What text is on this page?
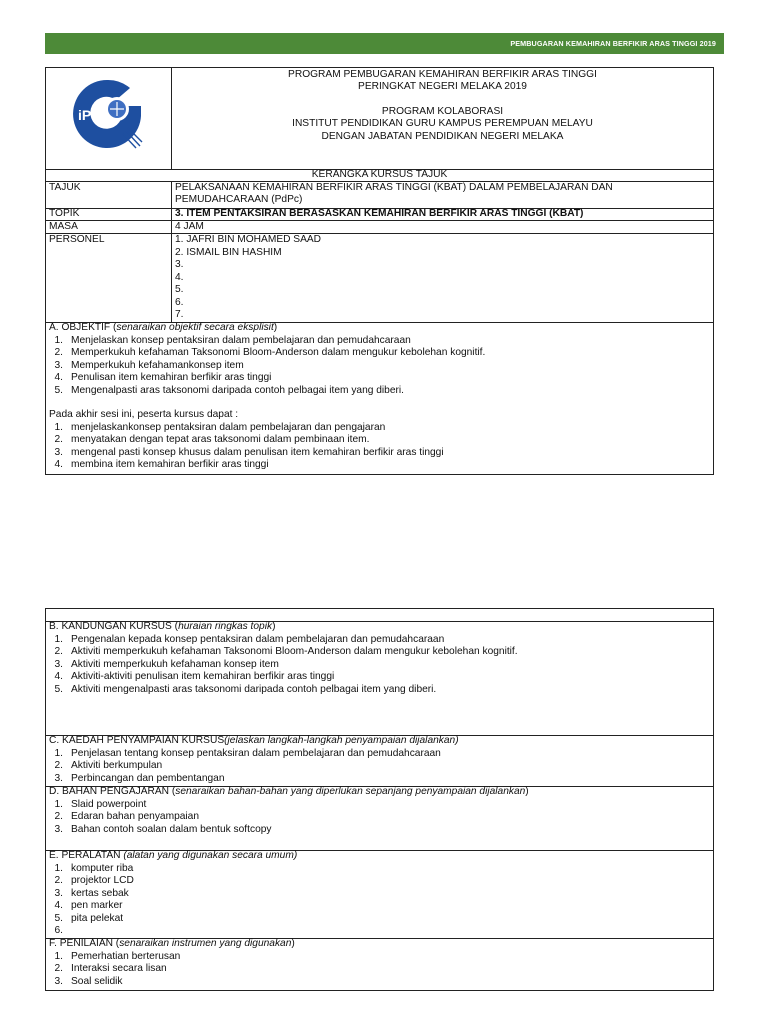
PEMBUGARAN KEMAHIRAN BERFIKIR ARAS TINGGI 2019
iPG
PROGRAM PEMBUGARAN KEMAHIRAN BERFIKIR ARAS TINGGI
PERINGKAT NEGERI MELAKA 2019
PROGRAM KOLABORASI
INSTITUT PENDIDIKAN GURU KAMPUS PEREMPUAN MELAYU
DENGAN JABATAN PENDIDIKAN NEGERI MELAKA
KERANGKA KURSUS TAJUK
TAJUK	PELAKSANAAN KEMAHIRAN BERFIKIR ARAS TINGGI (KBAT) DALAM PEMBELAJARAN DAN
PEMUDAHCARAAN (PdPc)
TOPIK	3. ITEM PENTAKSIRAN BERASASKAN KEMAHIRAN BERFIKIR ARAS TINGGI (KBAT)
MASA	4 JAM
PERSONEL	1. JAFRI BIN MOHAMED SAAD
2. ISMAIL BIN HASHIM
3.
4.
5.
6.
7.
A. OBJEKTIF (senaraikan objektif secara eksplisit)
1. Menjelaskan konsep pentaksiran dalam pembelajaran dan pemudahcaraan
2. Memperkukuh kefahaman Taksonomi Bloom-Anderson dalam mengukur kebolehan kognitif.
3. Memperkukuh kefahamankonsep item
4. Penulisan item kemahiran berfikir aras tinggi
5. Mengenalpasti aras taksonomi daripada contoh pelbagai item yang diberi.
Pada akhir sesi ini, peserta kursus dapat :
1. menjelaskankonsep pentaksiran dalam pembelajaran dan pengajaran
2. menyatakan dengan tepat aras taksonomi dalam pembinaan item.
3. mengenal pasti konsep khusus dalam penulisan item kemahiran berfikir aras tinggi
4. membina item kemahiran berfikir aras tinggi
B. KANDUNGAN KURSUS (huraian ringkas topik)
1. Pengenalan kepada konsep pentaksiran dalam pembelajaran dan pemudahcaraan
2. Aktiviti memperkukuh kefahaman Taksonomi Bloom-Anderson dalam mengukur kebolehan kognitif.
3. Aktiviti memperkukuh kefahaman konsep item
4. Aktiviti-aktiviti penulisan item kemahiran berfikir aras tinggi
5. Aktiviti mengenalpasti aras taksonomi daripada contoh pelbagai item yang diberi.
C. KAEDAH PENYAMPAIAN KURSUS(jelaskan langkah-langkah penyampaian dijalankan)
1. Penjelasan tentang konsep pentaksiran dalam pembelajaran dan pemudahcaraan
2. Aktiviti berkumpulan
3. Perbincangan dan pembentangan
D. BAHAN PENGAJARAN (senaraikan bahan-bahan yang diperlukan sepanjang penyampaian dijalankan)
1. Slaid powerpoint
2. Edaran bahan penyampaian
3. Bahan contoh soalan dalam bentuk softcopy
E. PERALATAN (alatan yang digunakan secara umum)
1. komputer riba
2. projektor LCD
3. kertas sebak
4. pen marker
5. pita pelekat
6.
F. PENILAIAN (senaraikan instrumen yang digunakan)
1. Pemerhatian berterusan
2. Interaksi secara lisan
3. Soal selidik
